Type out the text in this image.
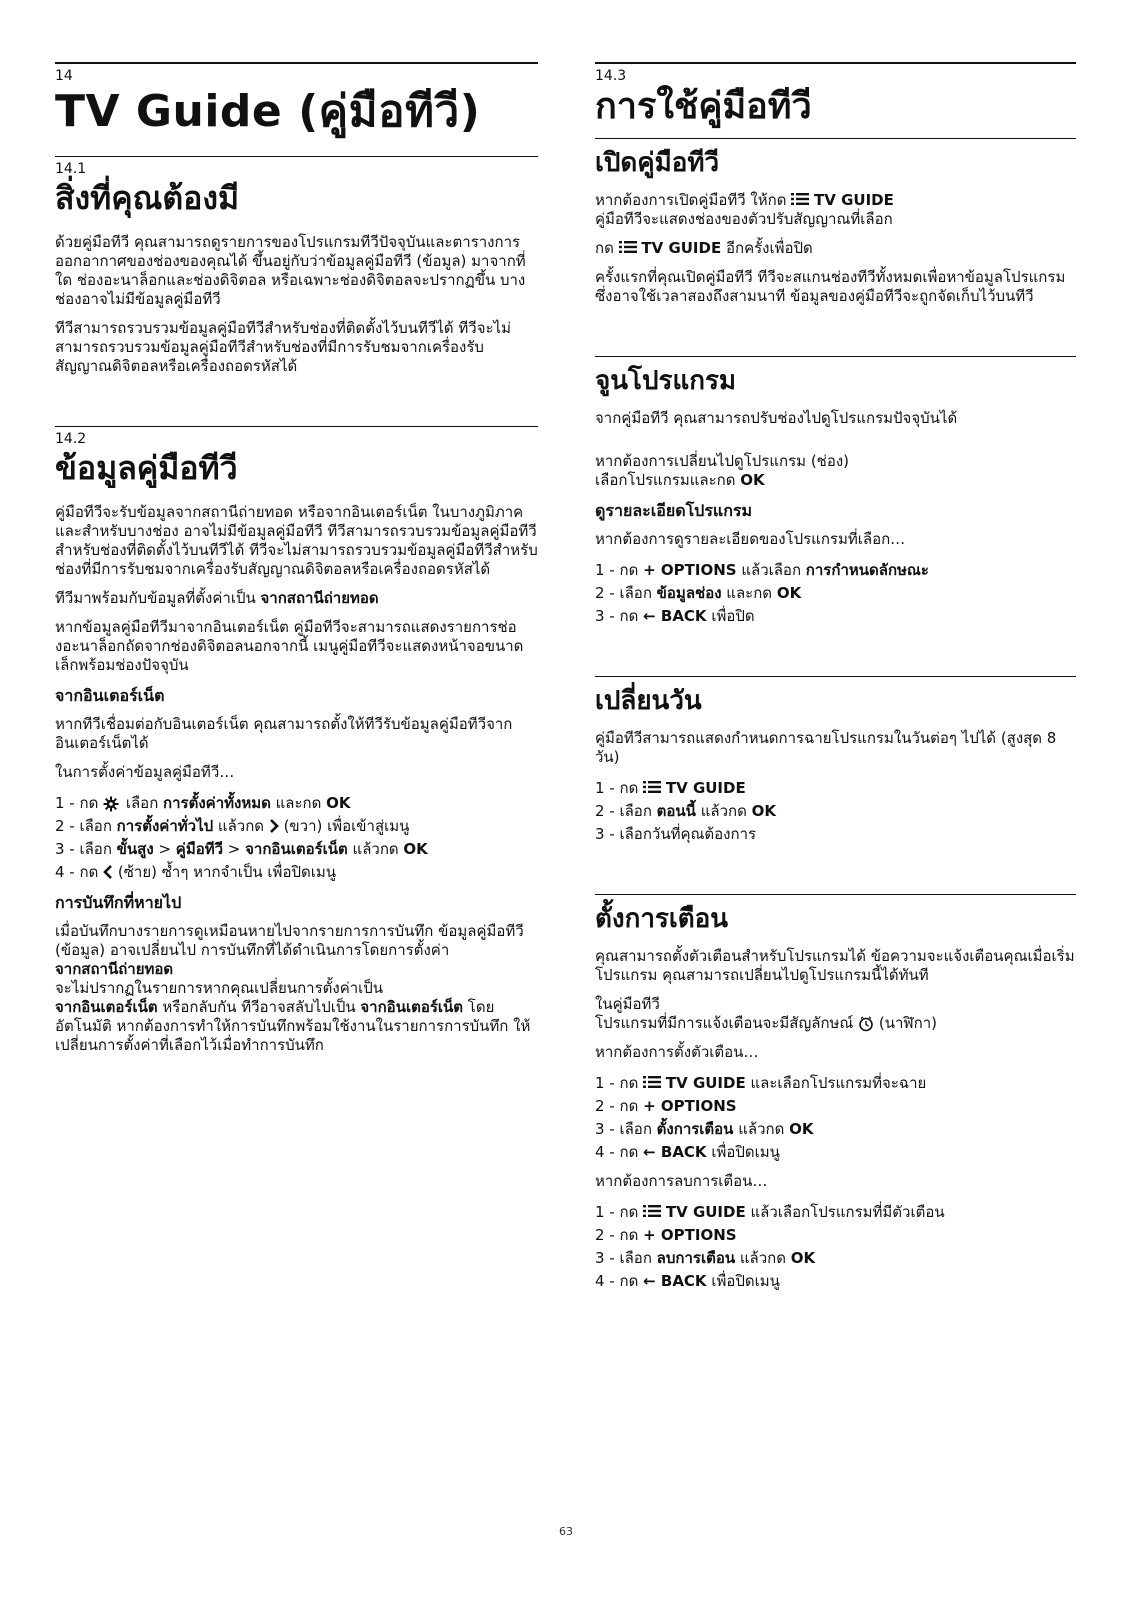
14
TV Guide (คู่มือทีวี)
14.1
สิ่งที่คุณต้องมี

ด้วยคู่มือทีวี คุณสามารถดูรายการของโปรแกรมทีวีปัจจุบันและตารางการออกอากาศของช่องของคุณได้ ขึ้นอยู่กับว่าข้อมูลคู่มือทีวี (ข้อมูล) มาจากที่ใด ช่องอะนาล็อกและช่องดิจิตอล หรือเฉพาะช่องดิจิตอลจะปรากฏขึ้น บางช่องอาจไม่มีข้อมูลคู่มือทีวี

ทีวีสามารถรวบรวมข้อมูลคู่มือทีวีสำหรับช่องที่ติดตั้งไว้บนทีวีได้ ทีวีจะไม่สามารถรวบรวมข้อมูลคู่มือทีวีสำหรับช่องที่มีการรับชมจากเครื่องรับสัญญาณดิจิตอลหรือเครื่องถอดรหัสได้

14.2
ข้อมูลคู่มือทีวี

คู่มือทีวีจะรับข้อมูลจากสถานีถ่ายทอด หรือจากอินเตอร์เน็ต ในบางภูมิภาคและสำหรับบางช่อง อาจไม่มีข้อมูลคู่มือทีวี ทีวีสามารถรวบรวมข้อมูลคู่มือทีวีสำหรับช่องที่ติดตั้งไว้บนทีวีได้ ทีวีจะไม่สามารถรวบรวมข้อมูลคู่มือทีวีสำหรับช่องที่มีการรับชมจากเครื่องรับสัญญาณดิจิตอลหรือเครื่องถอดรหัสได้

ทีวีมาพร้อมกับข้อมูลที่ตั้งค่าเป็น จากสถานีถ่ายทอด

หากข้อมูลคู่มือทีวีมาจากอินเตอร์เน็ต คู่มือทีวีจะสามารถแสดงรายการช่องอะนาล็อกถัดจากช่องดิจิตอลนอกจากนี้ เมนูคู่มือทีวีจะแสดงหน้าจอขนาดเล็กพร้อมช่องปัจจุบัน

จากอินเตอร์เน็ต

หากทีวีเชื่อมต่อกับอินเตอร์เน็ต คุณสามารถตั้งให้ทีวีรับข้อมูลคู่มือทีวีจากอินเตอร์เน็ตได้

ในการตั้งค่าข้อมูลคู่มือทีวี…

1 - กด
เลือก การตั้งค่าทั้งหมด และกด OK
2 - เลือก การตั้งค่าทั่วไป แล้วกด
(ขวา) เพื่อเข้าสู่เมนู
3 - เลือก ขั้นสูง > คู่มือทีวี > จากอินเตอร์เน็ต แล้วกด OK
4 - กด
(ซ้าย) ซ้ำๆ หากจำเป็น เพื่อปิดเมนู
การบันทึกที่หายไป

เมื่อบันทึกบางรายการดูเหมือนหายไปจากรายการการบันทึก ข้อมูลคู่มือทีวี (ข้อมูล) อาจเปลี่ยนไป การบันทึกที่ได้ดำเนินการโดยการตั้งค่า
จากสถานีถ่ายทอด
จะไม่ปรากฏในรายการหากคุณเปลี่ยนการตั้งค่าเป็น
จากอินเตอร์เน็ต หรือกลับกัน ทีวีอาจสลับไปเป็น จากอินเตอร์เน็ต โดยอัตโนมัติ หากต้องการทำให้การบันทึกพร้อมใช้งานในรายการการบันทึก ให้เปลี่ยนการตั้งค่าที่เลือกไว้เมื่อทำการบันทึก

14.3
การใช้คู่มือทีวี
เปิดคู่มือทีวี

หากต้องการเปิดคู่มือทีวี ให้กด
TV GUIDE
คู่มือทีวีจะแสดงช่องของตัวปรับสัญญาณที่เลือก

กด
TV GUIDE อีกครั้งเพื่อปิด

ครั้งแรกที่คุณเปิดคู่มือทีวี ทีวีจะสแกนช่องทีวีทั้งหมดเพื่อหาข้อมูลโปรแกรม ซึ่งอาจใช้เวลาสองถึงสามนาที ข้อมูลของคู่มือทีวีจะถูกจัดเก็บไว้บนทีวี

จูนโปรแกรม

จากคู่มือทีวี คุณสามารถปรับช่องไปดูโปรแกรมปัจจุบันได้

หากต้องการเปลี่ยนไปดูโปรแกรม (ช่อง)
เลือกโปรแกรมและกด OK

ดูรายละเอียดโปรแกรม

หากต้องการดูรายละเอียดของโปรแกรมที่เลือก…

1 - กด + OPTIONS แล้วเลือก การกำหนดลักษณะ
2 - เลือก ข้อมูลช่อง และกด OK
3 - กด ← BACK เพื่อปิด
เปลี่ยนวัน

คู่มือทีวีสามารถแสดงกำหนดการฉายโปรแกรมในวันต่อๆ ไปได้ (สูงสุด 8 วัน)

1 - กด
TV GUIDE
2 - เลือก ตอนนี้ แล้วกด OK
3 - เลือกวันที่คุณต้องการ
ตั้งการเตือน

คุณสามารถตั้งตัวเตือนสำหรับโปรแกรมได้ ข้อความจะแจ้งเตือนคุณเมื่อเริ่มโปรแกรม คุณสามารถเปลี่ยนไปดูโปรแกรมนี้ได้ทันที

ในคู่มือทีวี
โปรแกรมที่มีการแจ้งเตือนจะมีสัญลักษณ์
(นาฬิกา)

หากต้องการตั้งตัวเตือน…

1 - กด
TV GUIDE และเลือกโปรแกรมที่จะฉาย
2 - กด + OPTIONS
3 - เลือก ตั้งการเตือน แล้วกด OK
4 - กด ← BACK เพื่อปิดเมนู

หากต้องการลบการเตือน…

1 - กด
TV GUIDE แล้วเลือกโปรแกรมที่มีตัวเตือน
2 - กด + OPTIONS
3 - เลือก ลบการเตือน แล้วกด OK
4 - กด ← BACK เพื่อปิดเมนู
63
